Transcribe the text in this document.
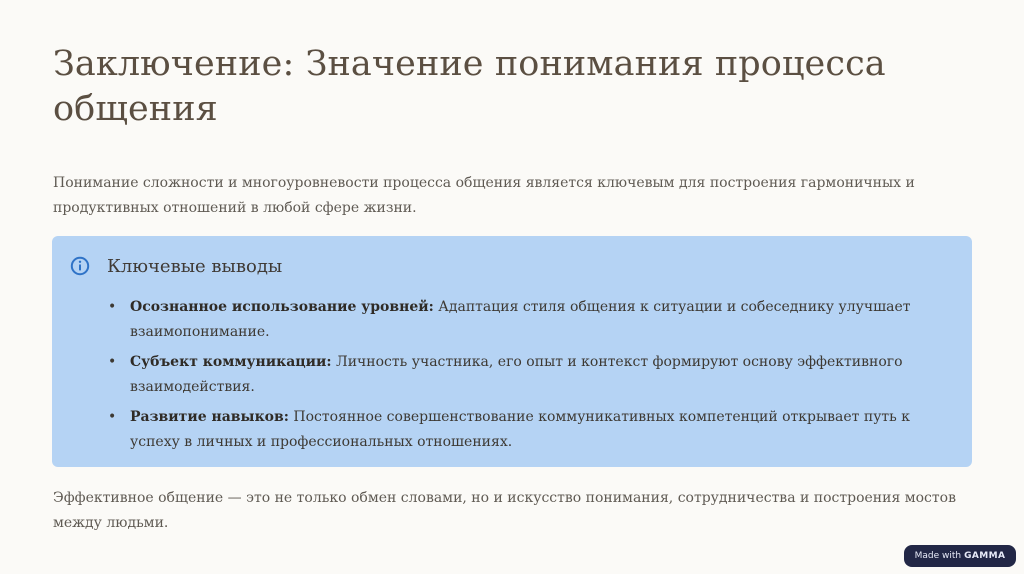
Заключение: Значение понимания процесса общения

Понимание сложности и многоуровневости процесса общения является ключевым для построения гармоничных и продуктивных отношений в любой сфере жизни.

Ключевые выводы
• Осознанное использование уровней: Адаптация стиля общения к ситуации и собеседнику улучшает взаимопонимание.
• Субъект коммуникации: Личность участника, его опыт и контекст формируют основу эффективного взаимодействия.
• Развитие навыков: Постоянное совершенствование коммуникативных компетенций открывает путь к успеху в личных и профессиональных отношениях.

Эффективное общение — это не только обмен словами, но и искусство понимания, сотрудничества и построения мостов между людьми.

Made with GAMMA
